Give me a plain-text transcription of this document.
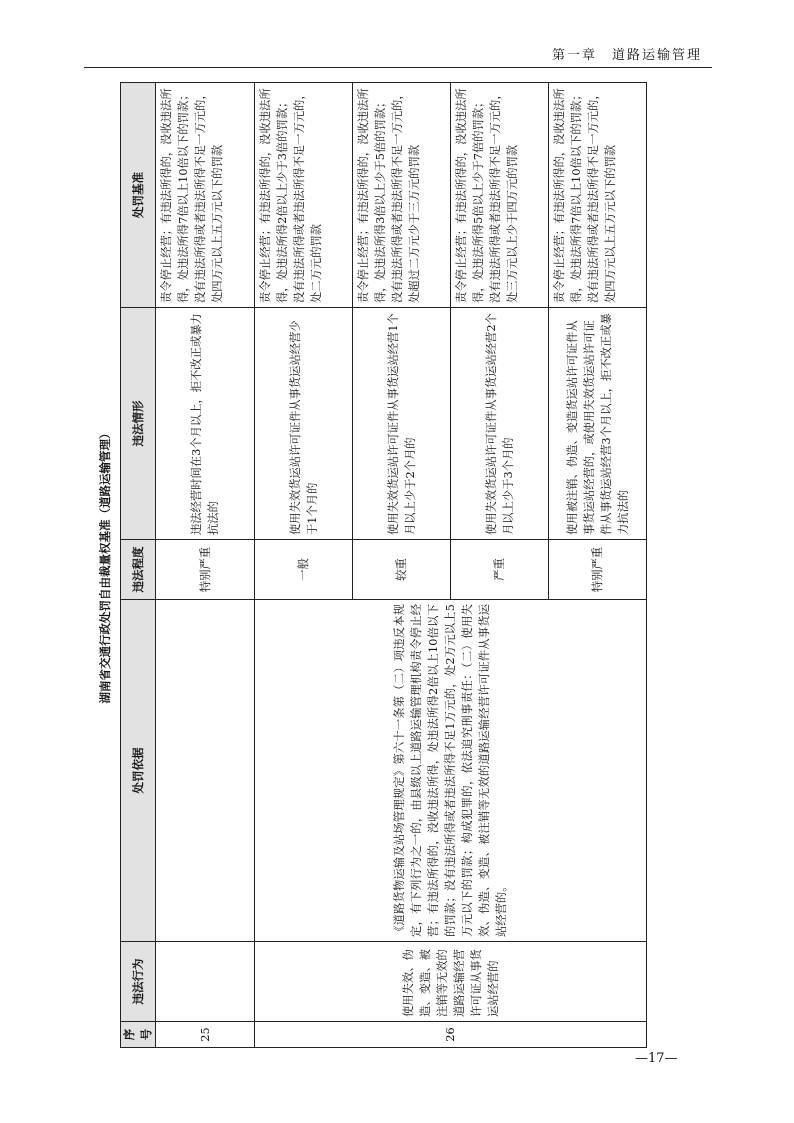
第一章　道路运输管理
湖南省交通行政处罚自由裁量权基准（道路运输管理）
序号	违法行为	处罚依据	违法程度	违法情形	处罚基准
25			特别严重	违法经营时间在3个月以上，拒不改正或暴力抗法的	责令停止经营；有违法所得的，没收违法所得，处违法所得7倍以上10倍以下的罚款；没有违法所得或者违法所得不足一万元的，处四万元以上五万元以下的罚款
26	使用失效、伪造、变造、被注销等无效的道路运输经营许可证从事货运站经营的	《道路货物运输及站场管理规定》第六十一条第（二）项违反本规定，有下列行为之一的，由县级以上道路运输管理机构责令停止经营；有违法所得的，没收违法所得，处违法所得2倍以上10倍以下的罚款；没有违法所得或者违法所得不足1万元的，处2万元以上5万元以下的罚款；构成犯罪的，依法追究刑事责任：（二）使用失效、伪造、变造、被注销等无效的道路运输经营许可证件从事货运站经营的。	一般	使用失效货运站许可证件从事货运站经营少于1个月的	责令停止经营；有违法所得的，没收违法所得，处违法所得2倍以上少于3倍的罚款；没有违法所得或者违法所得不足一万元的，处二万元的罚款
			较重	使用失效货运站许可证件从事货运站经营1个月以上少于2个月的	责令停止经营；有违法所得的，没收违法所得，处违法所得3倍以上少于5倍的罚款；没有违法所得或者违法所得不足一万元的，处超过二万元少于三万元的罚款
			严重	使用失效货运站许可证件从事货运站经营2个月以上少于3个月的	责令停止经营；有违法所得的，没收违法所得，处违法所得5倍以上少于7倍的罚款；没有违法所得或者违法所得不足一万元的，处三万元以上少于四万元的罚款
			特别严重	使用被注销、伪造、变造货运站许可证件从事货运站经营的，或使用失效货运站许可证件从事货运站经营3个月以上，拒不改正或暴力抗法的	责令停止经营；有违法所得的，没收违法所得，处违法所得7倍以上10倍以下的罚款；没有违法所得或者违法所得不足一万元的，处四万元以上五万元以下的罚款
—17—
